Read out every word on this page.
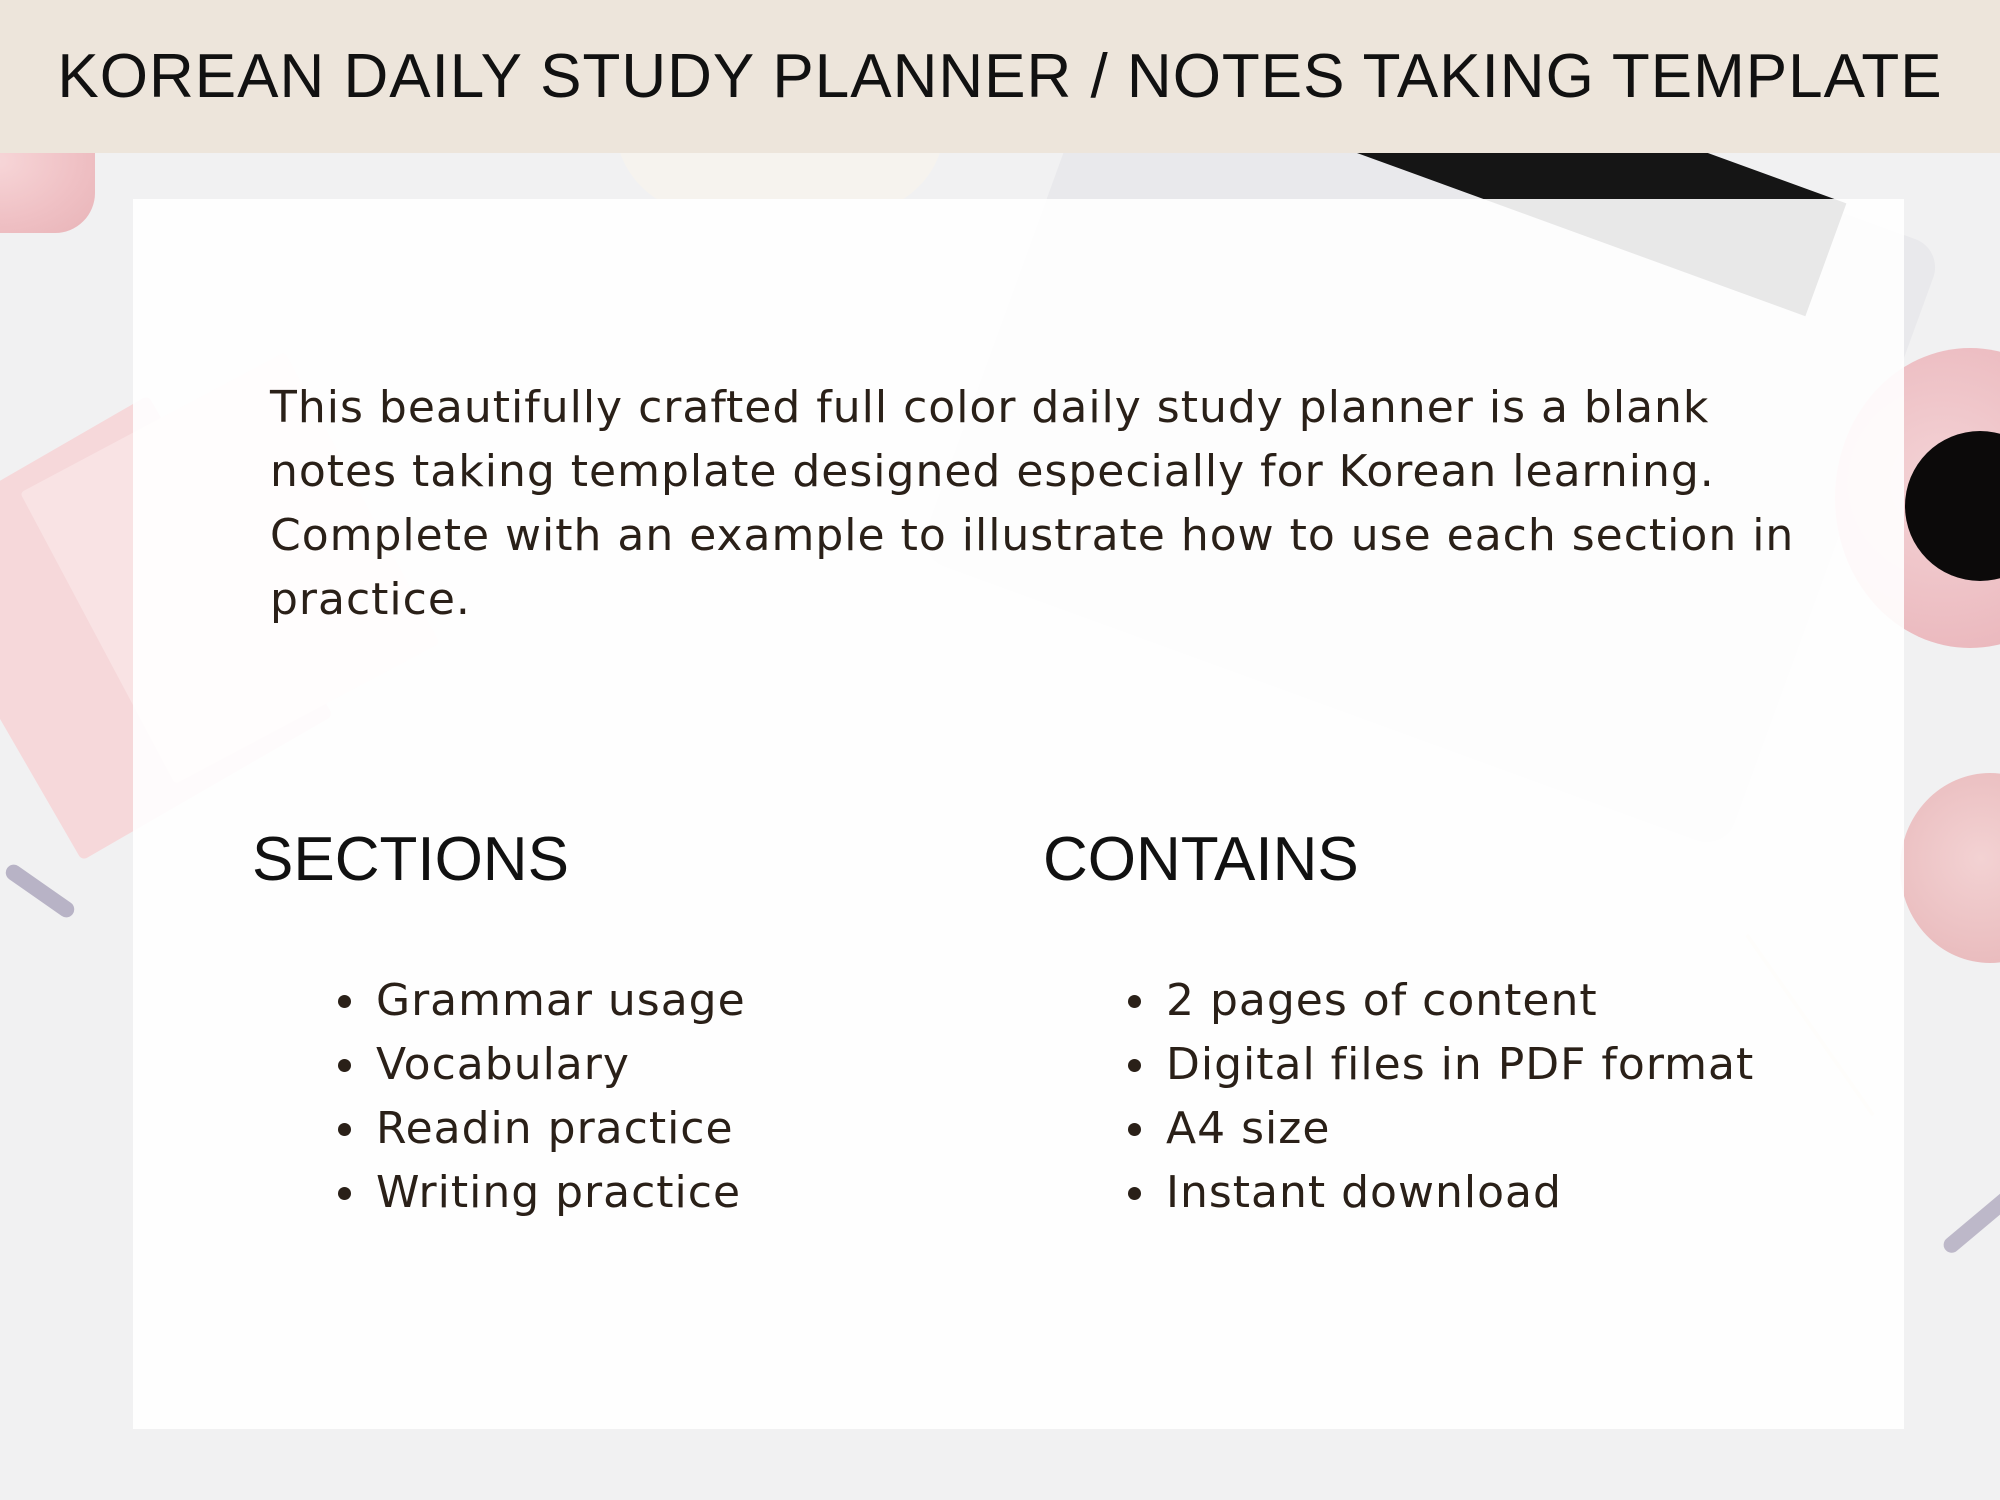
KOREAN DAILY STUDY PLANNER / NOTES TAKING TEMPLATE

This beautifully crafted full color daily study planner is a blank notes taking template designed especially for Korean learning. Complete with an example to illustrate how to use each section in practice.

SECTIONS
Grammar usage
Vocabulary
Readin practice
Writing practice
CONTAINS
2 pages of content
Digital files in PDF format
A4 size
Instant download
